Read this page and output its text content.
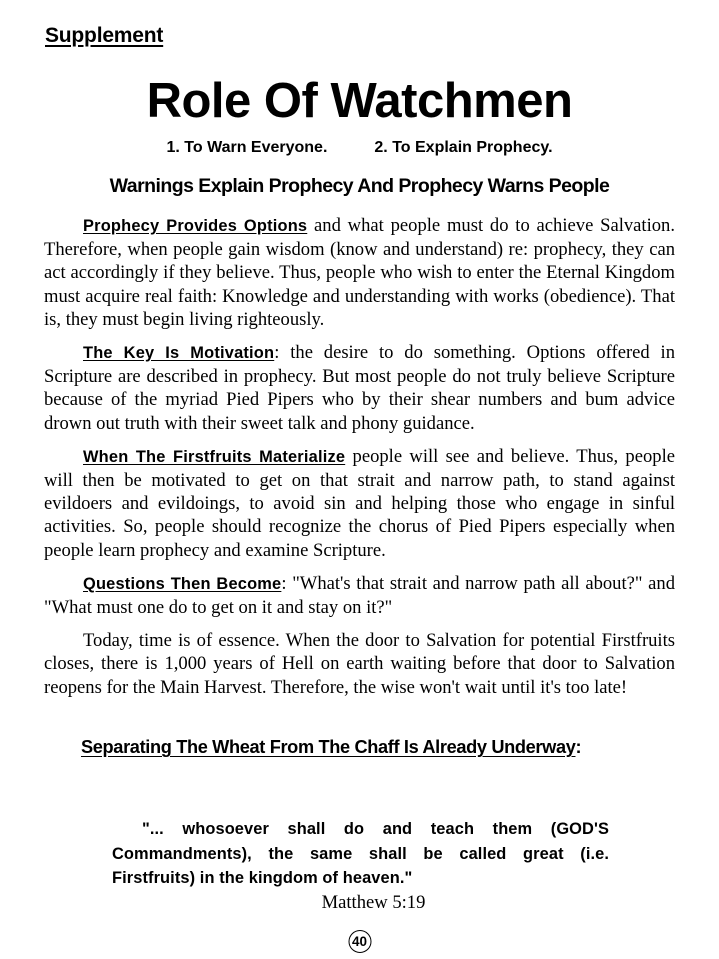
Supplement
Role Of Watchmen
1. To Warn Everyone.	2. To Explain Prophecy.
Warnings Explain Prophecy And Prophecy Warns People

Prophecy Provides Options and what people must do to achieve Salvation. Therefore, when people gain wisdom (know and understand) re: prophecy, they can act accordingly if they believe. Thus, people who wish to enter the Eternal Kingdom must acquire real faith: Knowledge and understanding with works (obedience). That is, they must begin living righteously.

The Key Is Motivation: the desire to do something. Options offered in Scripture are described in prophecy. But most people do not truly believe Scripture because of the myriad Pied Pipers who by their shear numbers and bum advice drown out truth with their sweet talk and phony guidance.

When The Firstfruits Materialize people will see and believe. Thus, people will then be motivated to get on that strait and narrow path, to stand against evildoers and evildoings, to avoid sin and helping those who engage in sinful activities. So, people should recognize the chorus of Pied Pipers especially when people learn prophecy and examine Scripture.

Questions Then Become: "What's that strait and narrow path all about?" and "What must one do to get on it and stay on it?"

Today, time is of essence. When the door to Salvation for potential Firstfruits closes, there is 1,000 years of Hell on earth waiting before that door to Salvation reopens for the Main Harvest. Therefore, the wise won't wait until it's too late!

Separating The Wheat From The Chaff Is Already Underway:
"... whosoever shall do and teach them (GOD'S Commandments), the same shall be called great (i.e. Firstfruits) in the kingdom of heaven."
Matthew 5:19
40
